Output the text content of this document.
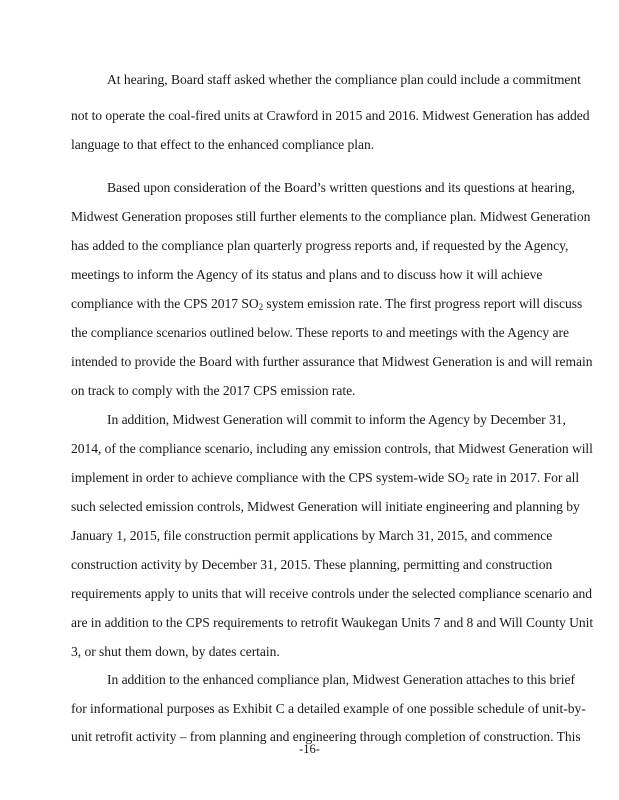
At hearing, Board staff asked whether the compliance plan could include a commitment
not to operate the coal-fired units at Crawford in 2015 and 2016. Midwest Generation has added
language to that effect to the enhanced compliance plan.
Based upon consideration of the Board’s written questions and its questions at hearing,
Midwest Generation proposes still further elements to the compliance plan. Midwest Generation
has added to the compliance plan quarterly progress reports and, if requested by the Agency,
meetings to inform the Agency of its status and plans and to discuss how it will achieve
compliance with the CPS 2017 $SO_2$ system emission rate. The first progress report will discuss
the compliance scenarios outlined below. These reports to and meetings with the Agency are
intended to provide the Board with further assurance that Midwest Generation is and will remain
on track to comply with the 2017 CPS emission rate.
In addition, Midwest Generation will commit to inform the Agency by December 31,
2014, of the compliance scenario, including any emission controls, that Midwest Generation will
implement in order to achieve compliance with the CPS system-wide $SO_2$ rate in 2017. For all
such selected emission controls, Midwest Generation will initiate engineering and planning by
January 1, 2015, file construction permit applications by March 31, 2015, and commence
construction activity by December 31, 2015. These planning, permitting and construction
requirements apply to units that will receive controls under the selected compliance scenario and
are in addition to the CPS requirements to retrofit Waukegan Units 7 and 8 and Will County Unit
3, or shut them down, by dates certain.
In addition to the enhanced compliance plan, Midwest Generation attaches to this brief
for informational purposes as Exhibit C a detailed example of one possible schedule of unit-by-
unit retrofit activity – from planning and engineering through completion of construction. This
-16-
